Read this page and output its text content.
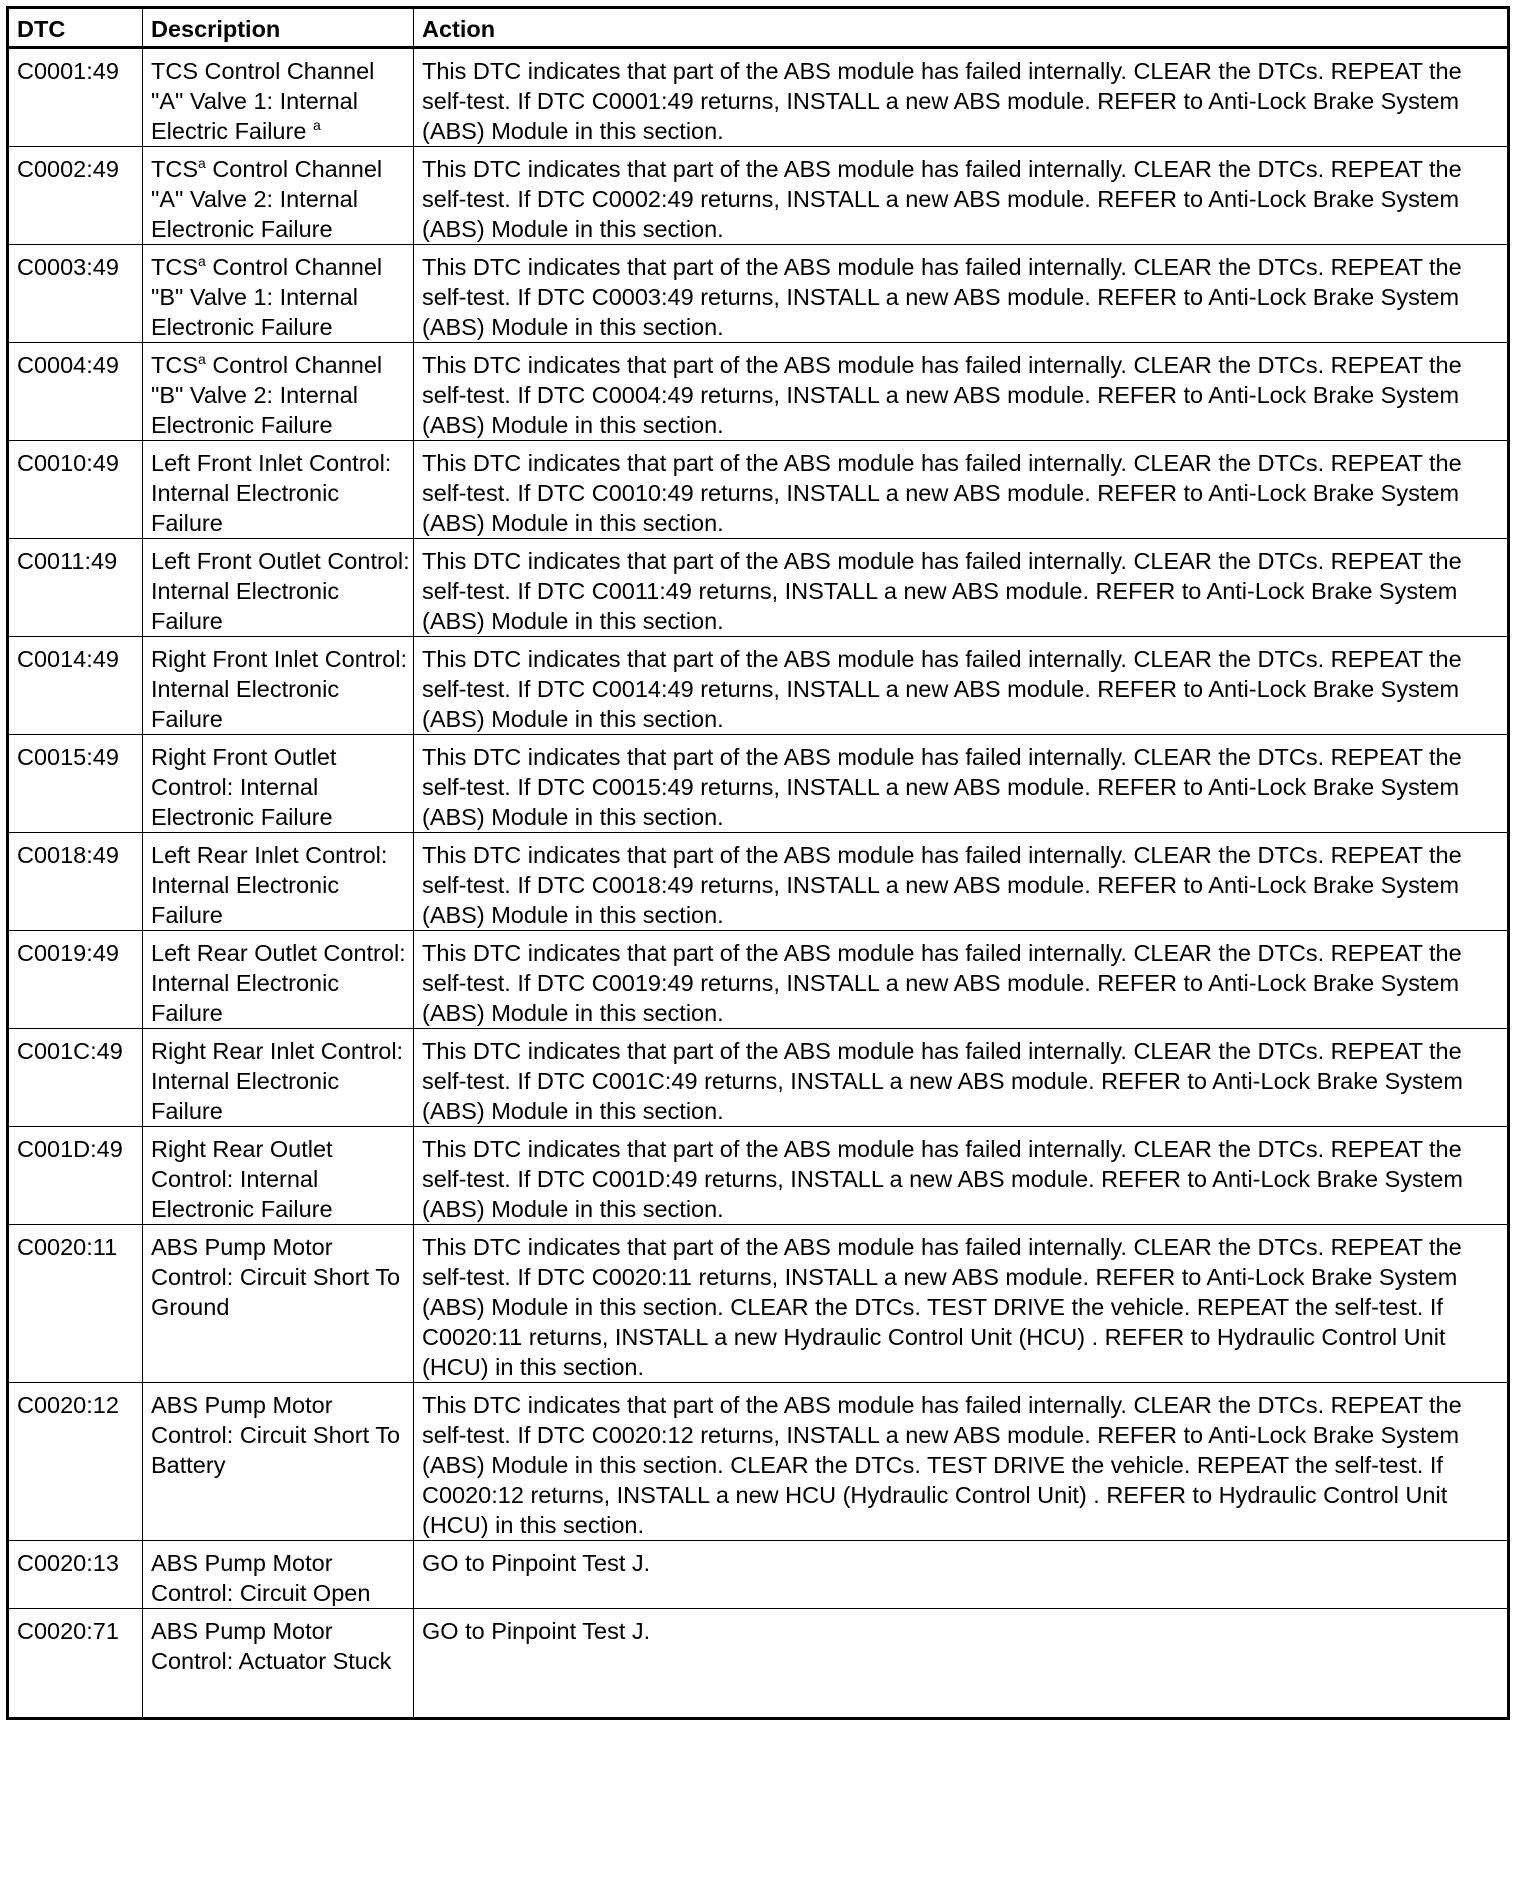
DTC	Description	Action
C0001:49	TCS Control Channel "A" Valve 1: Internal Electric Failure $^a$	This DTC indicates that part of the ABS module has failed internally. CLEAR the DTCs. REPEAT the self-test. If DTC C0001:49 returns, INSTALL a new ABS module. REFER to Anti-Lock Brake System (ABS) Module in this section.
C0002:49	TCS$^a$ Control Channel "A" Valve 2: Internal Electronic Failure	This DTC indicates that part of the ABS module has failed internally. CLEAR the DTCs. REPEAT the self-test. If DTC C0002:49 returns, INSTALL a new ABS module. REFER to Anti-Lock Brake System (ABS) Module in this section.
C0003:49	TCS$^a$ Control Channel "B" Valve 1: Internal Electronic Failure	This DTC indicates that part of the ABS module has failed internally. CLEAR the DTCs. REPEAT the self-test. If DTC C0003:49 returns, INSTALL a new ABS module. REFER to Anti-Lock Brake System (ABS) Module in this section.
C0004:49	TCS$^a$ Control Channel "B" Valve 2: Internal Electronic Failure	This DTC indicates that part of the ABS module has failed internally. CLEAR the DTCs. REPEAT the self-test. If DTC C0004:49 returns, INSTALL a new ABS module. REFER to Anti-Lock Brake System (ABS) Module in this section.
C0010:49	Left Front Inlet Control: Internal Electronic Failure	This DTC indicates that part of the ABS module has failed internally. CLEAR the DTCs. REPEAT the self-test. If DTC C0010:49 returns, INSTALL a new ABS module. REFER to Anti-Lock Brake System (ABS) Module in this section.
C0011:49	Left Front Outlet Control: Internal Electronic Failure	This DTC indicates that part of the ABS module has failed internally. CLEAR the DTCs. REPEAT the self-test. If DTC C0011:49 returns, INSTALL a new ABS module. REFER to Anti-Lock Brake System (ABS) Module in this section.
C0014:49	Right Front Inlet Control: Internal Electronic Failure	This DTC indicates that part of the ABS module has failed internally. CLEAR the DTCs. REPEAT the self-test. If DTC C0014:49 returns, INSTALL a new ABS module. REFER to Anti-Lock Brake System (ABS) Module in this section.
C0015:49	Right Front Outlet Control: Internal Electronic Failure	This DTC indicates that part of the ABS module has failed internally. CLEAR the DTCs. REPEAT the self-test. If DTC C0015:49 returns, INSTALL a new ABS module. REFER to Anti-Lock Brake System (ABS) Module in this section.
C0018:49	Left Rear Inlet Control: Internal Electronic Failure	This DTC indicates that part of the ABS module has failed internally. CLEAR the DTCs. REPEAT the self-test. If DTC C0018:49 returns, INSTALL a new ABS module. REFER to Anti-Lock Brake System (ABS) Module in this section.
C0019:49	Left Rear Outlet Control: Internal Electronic Failure	This DTC indicates that part of the ABS module has failed internally. CLEAR the DTCs. REPEAT the self-test. If DTC C0019:49 returns, INSTALL a new ABS module. REFER to Anti-Lock Brake System (ABS) Module in this section.
C001C:49	Right Rear Inlet Control: Internal Electronic Failure	This DTC indicates that part of the ABS module has failed internally. CLEAR the DTCs. REPEAT the self-test. If DTC C001C:49 returns, INSTALL a new ABS module. REFER to Anti-Lock Brake System (ABS) Module in this section.
C001D:49	Right Rear Outlet Control: Internal Electronic Failure	This DTC indicates that part of the ABS module has failed internally. CLEAR the DTCs. REPEAT the self-test. If DTC C001D:49 returns, INSTALL a new ABS module. REFER to Anti-Lock Brake System (ABS) Module in this section.
C0020:11	ABS Pump Motor Control: Circuit Short To Ground	This DTC indicates that part of the ABS module has failed internally. CLEAR the DTCs. REPEAT the self-test. If DTC C0020:11 returns, INSTALL a new ABS module. REFER to Anti-Lock Brake System (ABS) Module in this section. CLEAR the DTCs. TEST DRIVE the vehicle. REPEAT the self-test. If C0020:11 returns, INSTALL a new Hydraulic Control Unit (HCU) . REFER to Hydraulic Control Unit (HCU) in this section.
C0020:12	ABS Pump Motor Control: Circuit Short To Battery	This DTC indicates that part of the ABS module has failed internally. CLEAR the DTCs. REPEAT the self-test. If DTC C0020:12 returns, INSTALL a new ABS module. REFER to Anti-Lock Brake System (ABS) Module in this section. CLEAR the DTCs. TEST DRIVE the vehicle. REPEAT the self-test. If C0020:12 returns, INSTALL a new HCU (Hydraulic Control Unit) . REFER to Hydraulic Control Unit (HCU) in this section.
C0020:13	ABS Pump Motor Control: Circuit Open	GO to Pinpoint Test J.
C0020:71	ABS Pump Motor Control: Actuator Stuck	GO to Pinpoint Test J.
